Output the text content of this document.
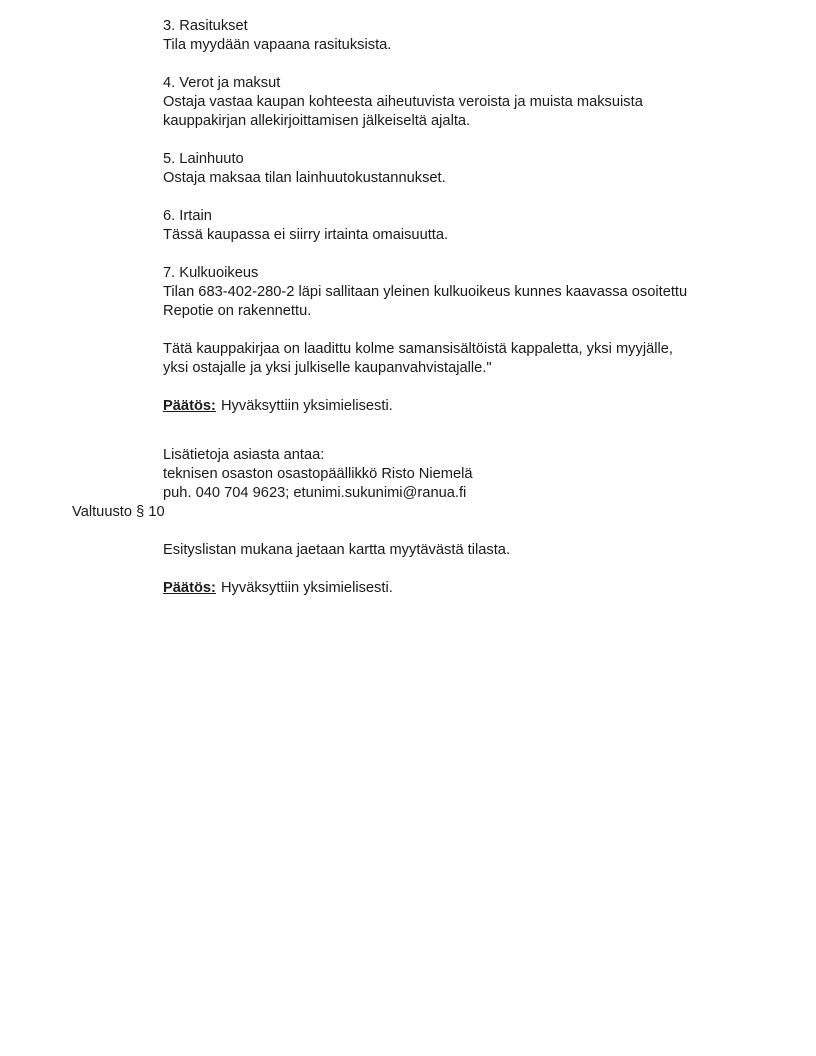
3. Rasitukset
Tila myydään vapaana rasituksista.
4. Verot ja maksut
Ostaja vastaa kaupan kohteesta aiheutuvista veroista ja muista maksuista
kauppakirjan allekirjoittamisen jälkeiseltä ajalta.
5. Lainhuuto
Ostaja maksaa tilan lainhuutokustannukset.
6. Irtain
Tässä kaupassa ei siirry irtainta omaisuutta.
7. Kulkuoikeus
Tilan 683-402-280-2 läpi sallitaan yleinen kulkuoikeus kunnes kaavassa osoitettu
Repotie on rakennettu.
Tätä kauppakirjaa on laadittu kolme samansisältöistä kappaletta, yksi myyjälle,
yksi ostajalle ja yksi julkiselle kaupanvahvistajalle."
Päätös: Hyväksyttiin yksimielisesti.
Lisätietoja asiasta antaa:
teknisen osaston osastopäällikkö Risto Niemelä
puh. 040 704 9623; etunimi.sukunimi@ranua.fi
Valtuusto § 10
Esityslistan mukana jaetaan kartta myytävästä tilasta.
Päätös: Hyväksyttiin yksimielisesti.
